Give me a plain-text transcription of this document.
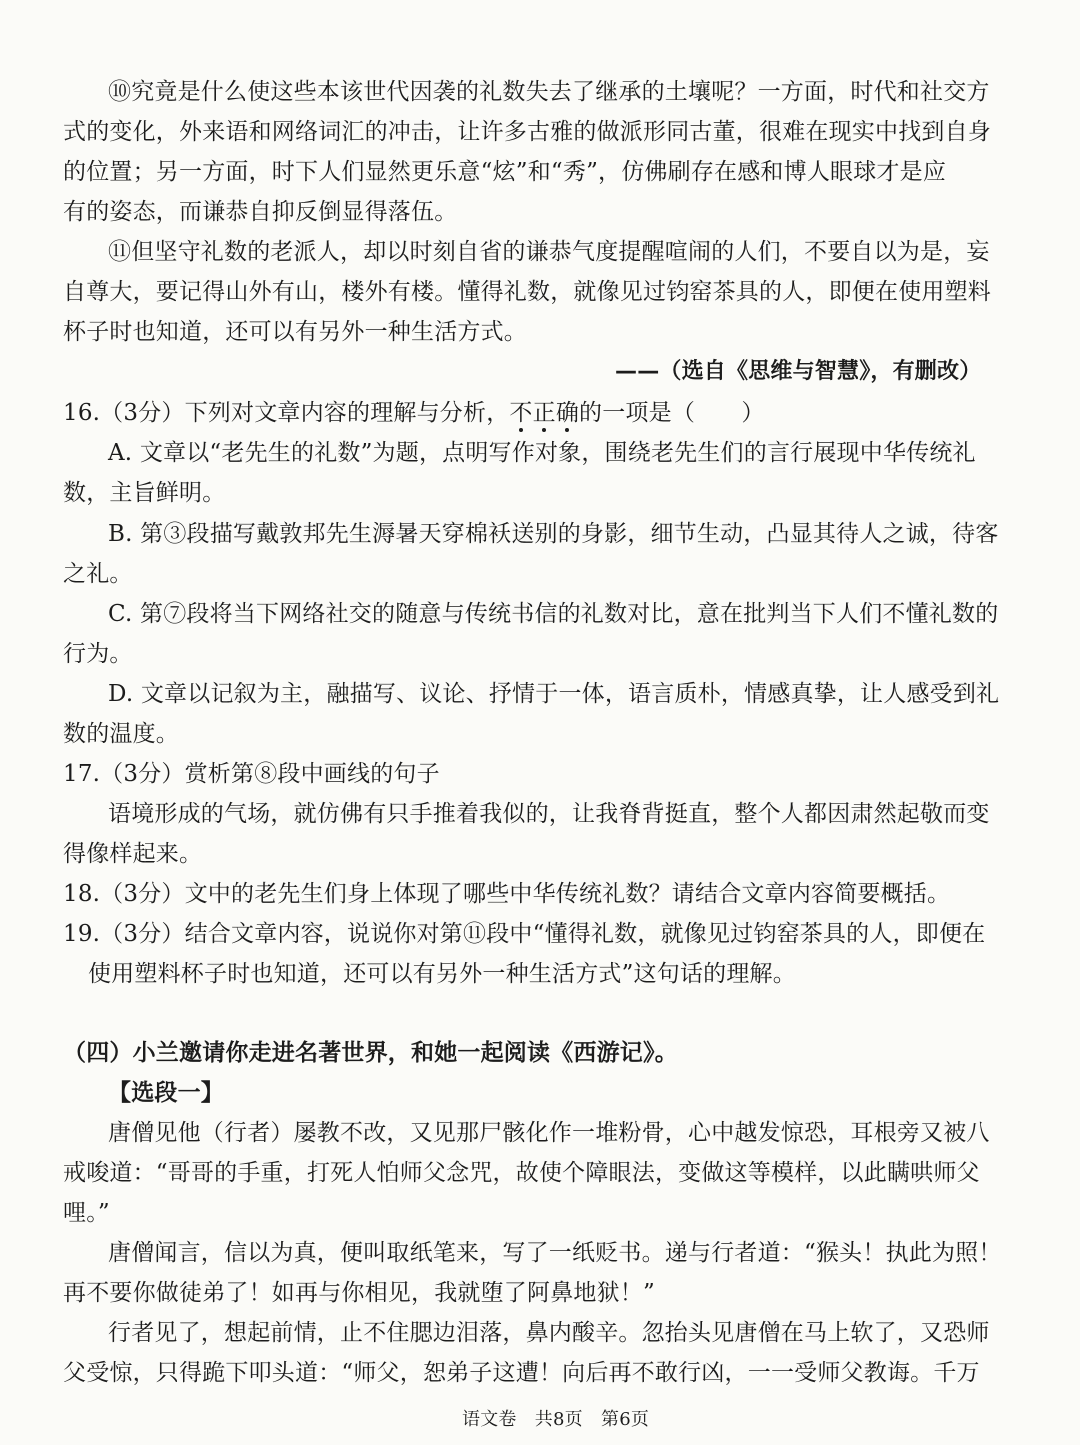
⑩究竟是什么使这些本该世代因袭的礼数失去了继承的土壤呢？一方面，时代和社交方
式的变化，外来语和网络词汇的冲击，让许多古雅的做派形同古董，很难在现实中找到自身
的位置；另一方面，时下人们显然更乐意“炫”和“秀”，仿佛刷存在感和博人眼球才是应
有的姿态，而谦恭自抑反倒显得落伍。
⑪但坚守礼数的老派人，却以时刻自省的谦恭气度提醒喧闹的人们，不要自以为是，妄
自尊大，要记得山外有山，楼外有楼。懂得礼数，就像见过钧窑茶具的人，即便在使用塑料
杯子时也知道，还可以有另外一种生活方式。
——（选自《思维与智慧》，有删改）
16.（3分）下列对文章内容的理解与分析，不正确的一项是（　　）
A. 文章以“老先生的礼数”为题，点明写作对象，围绕老先生们的言行展现中华传统礼
数，主旨鲜明。
B. 第③段描写戴敦邦先生溽暑天穿棉袄送别的身影，细节生动，凸显其待人之诚，待客
之礼。
C. 第⑦段将当下网络社交的随意与传统书信的礼数对比，意在批判当下人们不懂礼数的
行为。
D. 文章以记叙为主，融描写、议论、抒情于一体，语言质朴，情感真挚，让人感受到礼
数的温度。
17.（3分）赏析第⑧段中画线的句子
语境形成的气场，就仿佛有只手推着我似的，让我脊背挺直，整个人都因肃然起敬而变
得像样起来。
18.（3分）文中的老先生们身上体现了哪些中华传统礼数？请结合文章内容简要概括。
19.（3分）结合文章内容，说说你对第⑪段中“懂得礼数，就像见过钧窑茶具的人，即便在
使用塑料杯子时也知道，还可以有另外一种生活方式”这句话的理解。
（四）小兰邀请你走进名著世界，和她一起阅读《西游记》。
【选段一】
唐僧见他（行者）屡教不改，又见那尸骸化作一堆粉骨，心中越发惊恐，耳根旁又被八
戒唆道：“哥哥的手重，打死人怕师父念咒，故使个障眼法，变做这等模样，以此瞒哄师父
哩。”
唐僧闻言，信以为真，便叫取纸笔来，写了一纸贬书。递与行者道：“猴头！执此为照！
再不要你做徒弟了！如再与你相见，我就堕了阿鼻地狱！”
行者见了，想起前情，止不住腮边泪落，鼻内酸辛。忽抬头见唐僧在马上软了，又恐师
父受惊，只得跪下叩头道：“师父，恕弟子这遭！向后再不敢行凶，一一受师父教诲。千万
语文卷　共8页　第6页
